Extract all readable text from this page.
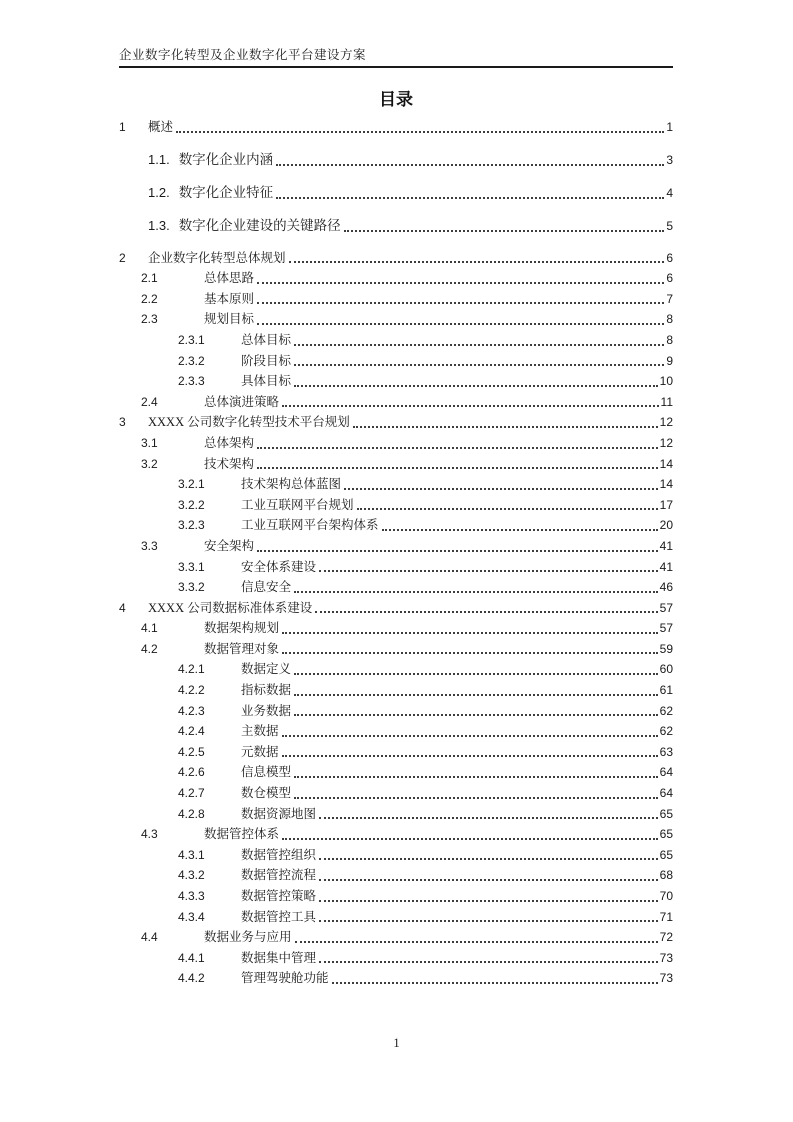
企业数字化转型及企业数字化平台建设方案
目录
1	概述	1
1.1. 数字化企业内涵	3
1.2. 数字化企业特征	4
1.3. 数字化企业建设的关键路径	5
2	企业数字化转型总体规划	6
2.1	总体思路	6
2.2	基本原则	7
2.3	规划目标	8
2.3.1	总体目标	8
2.3.2	阶段目标	9
2.3.3	具体目标	10
2.4	总体演进策略	11
3	XXXX 公司数字化转型技术平台规划	12
3.1	总体架构	12
3.2	技术架构	14
3.2.1	技术架构总体蓝图	14
3.2.2	工业互联网平台规划	17
3.2.3	工业互联网平台架构体系	20
3.3	安全架构	41
3.3.1	安全体系建设	41
3.3.2	信息安全	46
4	XXXX 公司数据标准体系建设	57
4.1	数据架构规划	57
4.2	数据管理对象	59
4.2.1	数据定义	60
4.2.2	指标数据	61
4.2.3	业务数据	62
4.2.4	主数据	62
4.2.5	元数据	63
4.2.6	信息模型	64
4.2.7	数仓模型	64
4.2.8	数据资源地图	65
4.3	数据管控体系	65
4.3.1	数据管控组织	65
4.3.2	数据管控流程	68
4.3.3	数据管控策略	70
4.3.4	数据管控工具	71
4.4	数据业务与应用	72
4.4.1	数据集中管理	73
4.4.2	管理驾驶舱功能	73
1
